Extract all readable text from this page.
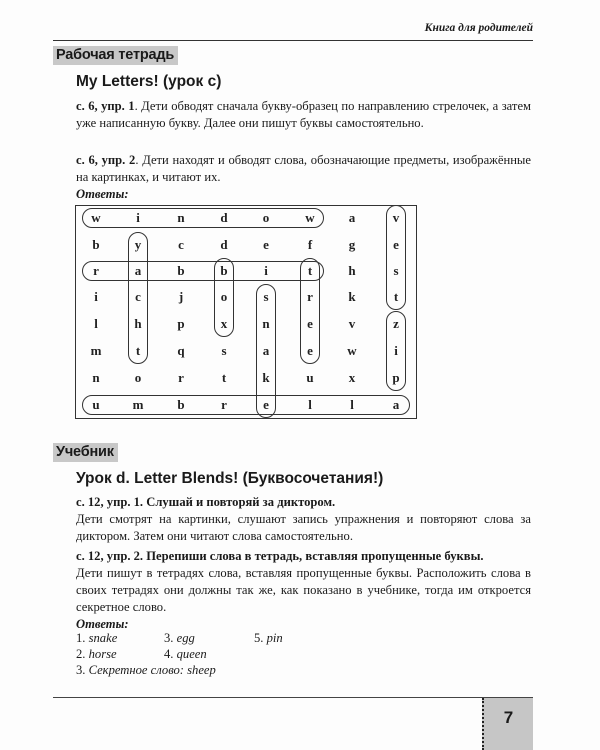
Книга для родителей
Рабочая тетрадь
My Letters! (урок с)
с. 6, упр. 1. Дети обводят сначала букву-образец по направлению стрелочек, а затем уже написанную букву. Далее они пишут буквы самостоятельно.
с. 6, упр. 2. Дети находят и обводят слова, обозначающие предметы, изображённые на картинках, и читают их.
Ответы:
w	i	n	d	o	w	a	v
b	y	c	d	e	f	g	e
r	a	b	b	i	t	h	s
i	c	j	o	s	r	k	t
l	h	p	x	n	e	v	z
m	t	q	s	a	e	w	i
n	o	r	t	k	u	x	p
u	m	b	r	e	l	l	a
Учебник
Урок d. Letter Blends! (Буквосочетания!)
с. 12, упр. 1. Слушай и повторяй за диктором.
Дети смотрят на картинки, слушают запись упражнения и повторяют слова за диктором. Затем они читают слова самостоятельно.
с. 12, упр. 2. Перепиши слова в тетрадь, вставляя пропущенные буквы.
Дети пишут в тетрадях слова, вставляя пропущенные буквы. Расположить слова в своих тетрадях они должны так же, как показано в учебнике, тогда им откроется секретное слово.
Ответы:
1. snake
2. horse
3. egg
4. queen
5. pin
3. Секретное слово: sheep
7
